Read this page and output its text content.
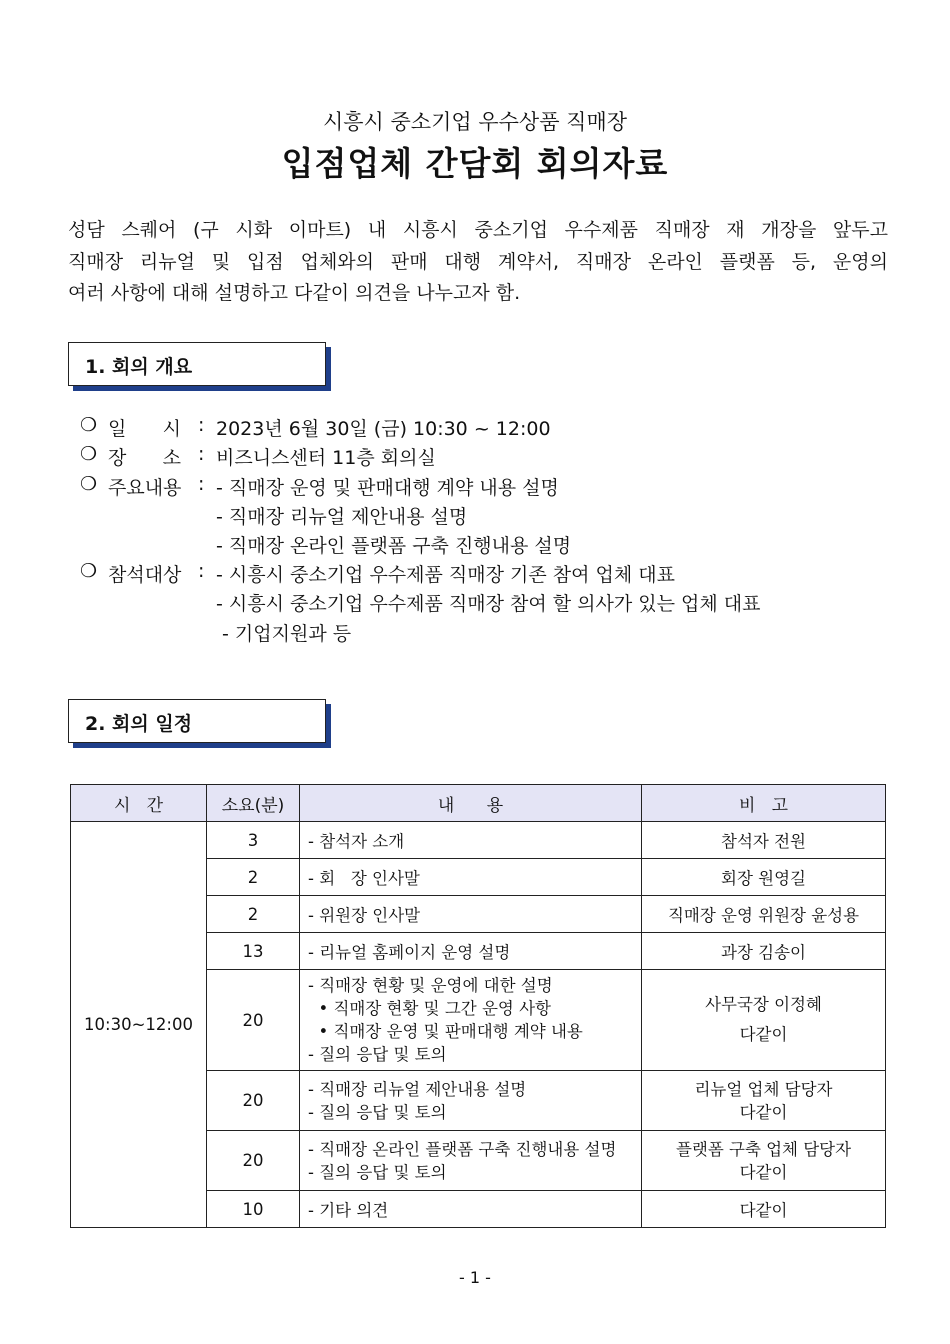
시흥시 중소기업 우수상품 직매장
입점업체 간담회 회의자료
성담 스퀘어 (구 시화 이마트) 내 시흥시 중소기업 우수제품 직매장 재 개장을 앞두고
직매장 리뉴얼 및 입점 업체와의 판매 대행 계약서, 직매장 온라인 플랫폼 등, 운영의
여러 사항에 대해 설명하고 다같이 의견을 나누고자 함.
1. 회의 개요
❍ 일      시 : 2023년 6월 30일 (금) 10:30 ~ 12:00
❍ 장      소 : 비즈니스센터 11층 회의실
❍ 주요내용 : - 직매장 운영 및 판매대행 계약 내용 설명
- 직매장 리뉴얼 제안내용 설명
- 직매장 온라인 플랫폼 구축 진행내용 설명
❍ 참석대상 : - 시흥시 중소기업 우수제품 직매장 기존 참여 업체 대표
- 시흥시 중소기업 우수제품 직매장 참여 할 의사가 있는 업체 대표
- 기업지원과 등
2. 회의 일정
시   간	소요(분)	내      용	비   고
10:30~12:00	3	- 참석자 소개	참석자 전원
	2	- 회   장 인사말	회장 원영길
	2	- 위원장 인사말	직매장 운영 위원장 윤성용
	13	- 리뉴얼 홈페이지 운영 설명	과장 김송이
	20	- 직매장 현황 및 운영에 대한 설명
• 직매장 현황 및 그간 운영 사항
• 직매장 운영 및 판매대행 계약 내용
- 질의 응답 및 토의	사무국장 이정혜
다같이

	20	- 직매장 리뉴얼 제안내용 설명
- 질의 응답 및 토의	리뉴얼 업체 담당자
다같이

	20	- 직매장 온라인 플랫폼 구축 진행내용 설명
- 질의 응답 및 토의	플랫폼 구축 업체 담당자
다같이

	10	- 기타 의견	다같이
- 1 -
